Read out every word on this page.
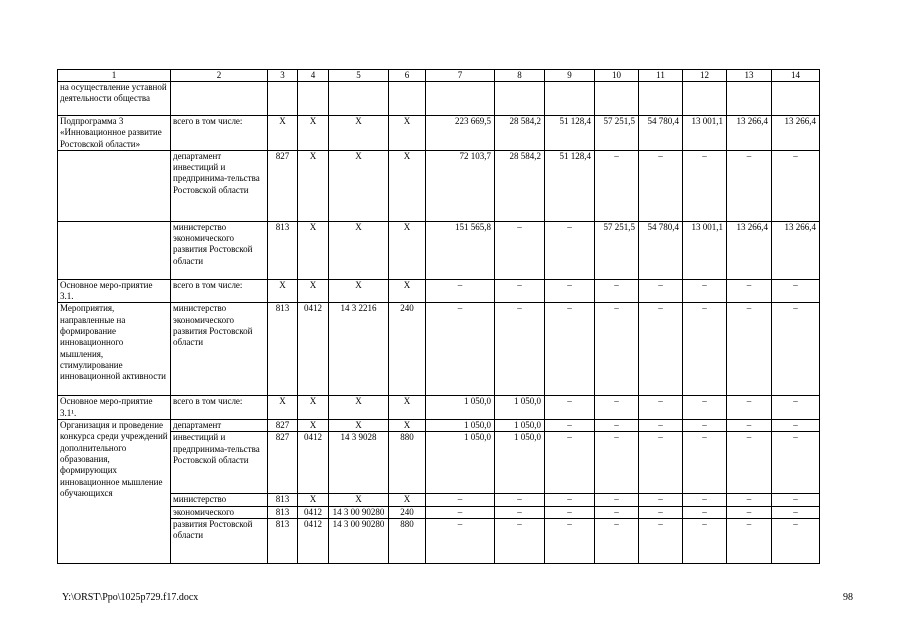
1	2	3	4	5	6	7	8	9	10	11	12	13	14
на осуществление уставной деятельности общества													
Подпрограмма 3 «Инновационное развитие Ростовской области»	всего в том числе:	Х	Х	Х	Х	223 669,5	28 584,2	51 128,4	57 251,5	54 780,4	13 001,1	13 266,4	13 266,4
	департамент инвестиций и предпринима-тельства Ростовской области	827	Х	Х	Х	72 103,7	28 584,2	51 128,4	–	–	–	–	–
	министерство экономического развития Ростовской области	813	Х	Х	Х	151 565,8	–	–	57 251,5	54 780,4	13 001,1	13 266,4	13 266,4
Основное меро-приятие 3.1.	всего в том числе:	Х	Х	Х	Х	–	–	–	–	–	–	–	–
Мероприятия, направленные на формирование инновационного мышления, стимулирование инновационной активности	министерство экономического развития Ростовской области	813	0412	14 3 2216	240	–	–	–	–	–	–	–	–
Основное меро-приятие 3.1¹.	всего в том числе:	Х	Х	Х	Х	1 050,0	1 050,0	–	–	–	–	–	–
Организация и проведение конкурса среди учреждений дополнительного образования, формирующих инновационное мышление обучающихся	департамент	827	Х	Х	Х	1 050,0	1 050,0	–	–	–	–	–	–
	инвестиций и предпринима-тельства Ростовской области	827	0412	14 3 9028	880	1 050,0	1 050,0	–	–	–	–	–	–
	министерство	813	Х	Х	Х	–	–	–	–	–	–	–	–
	экономического	813	0412	14 3 00 90280	240	–	–	–	–	–	–	–	–
	развития Ростовской области	813	0412	14 3 00 90280	880	–	–	–	–	–	–	–	–
Y:\ORST\Ppo\1025p729.f17.docx	98
